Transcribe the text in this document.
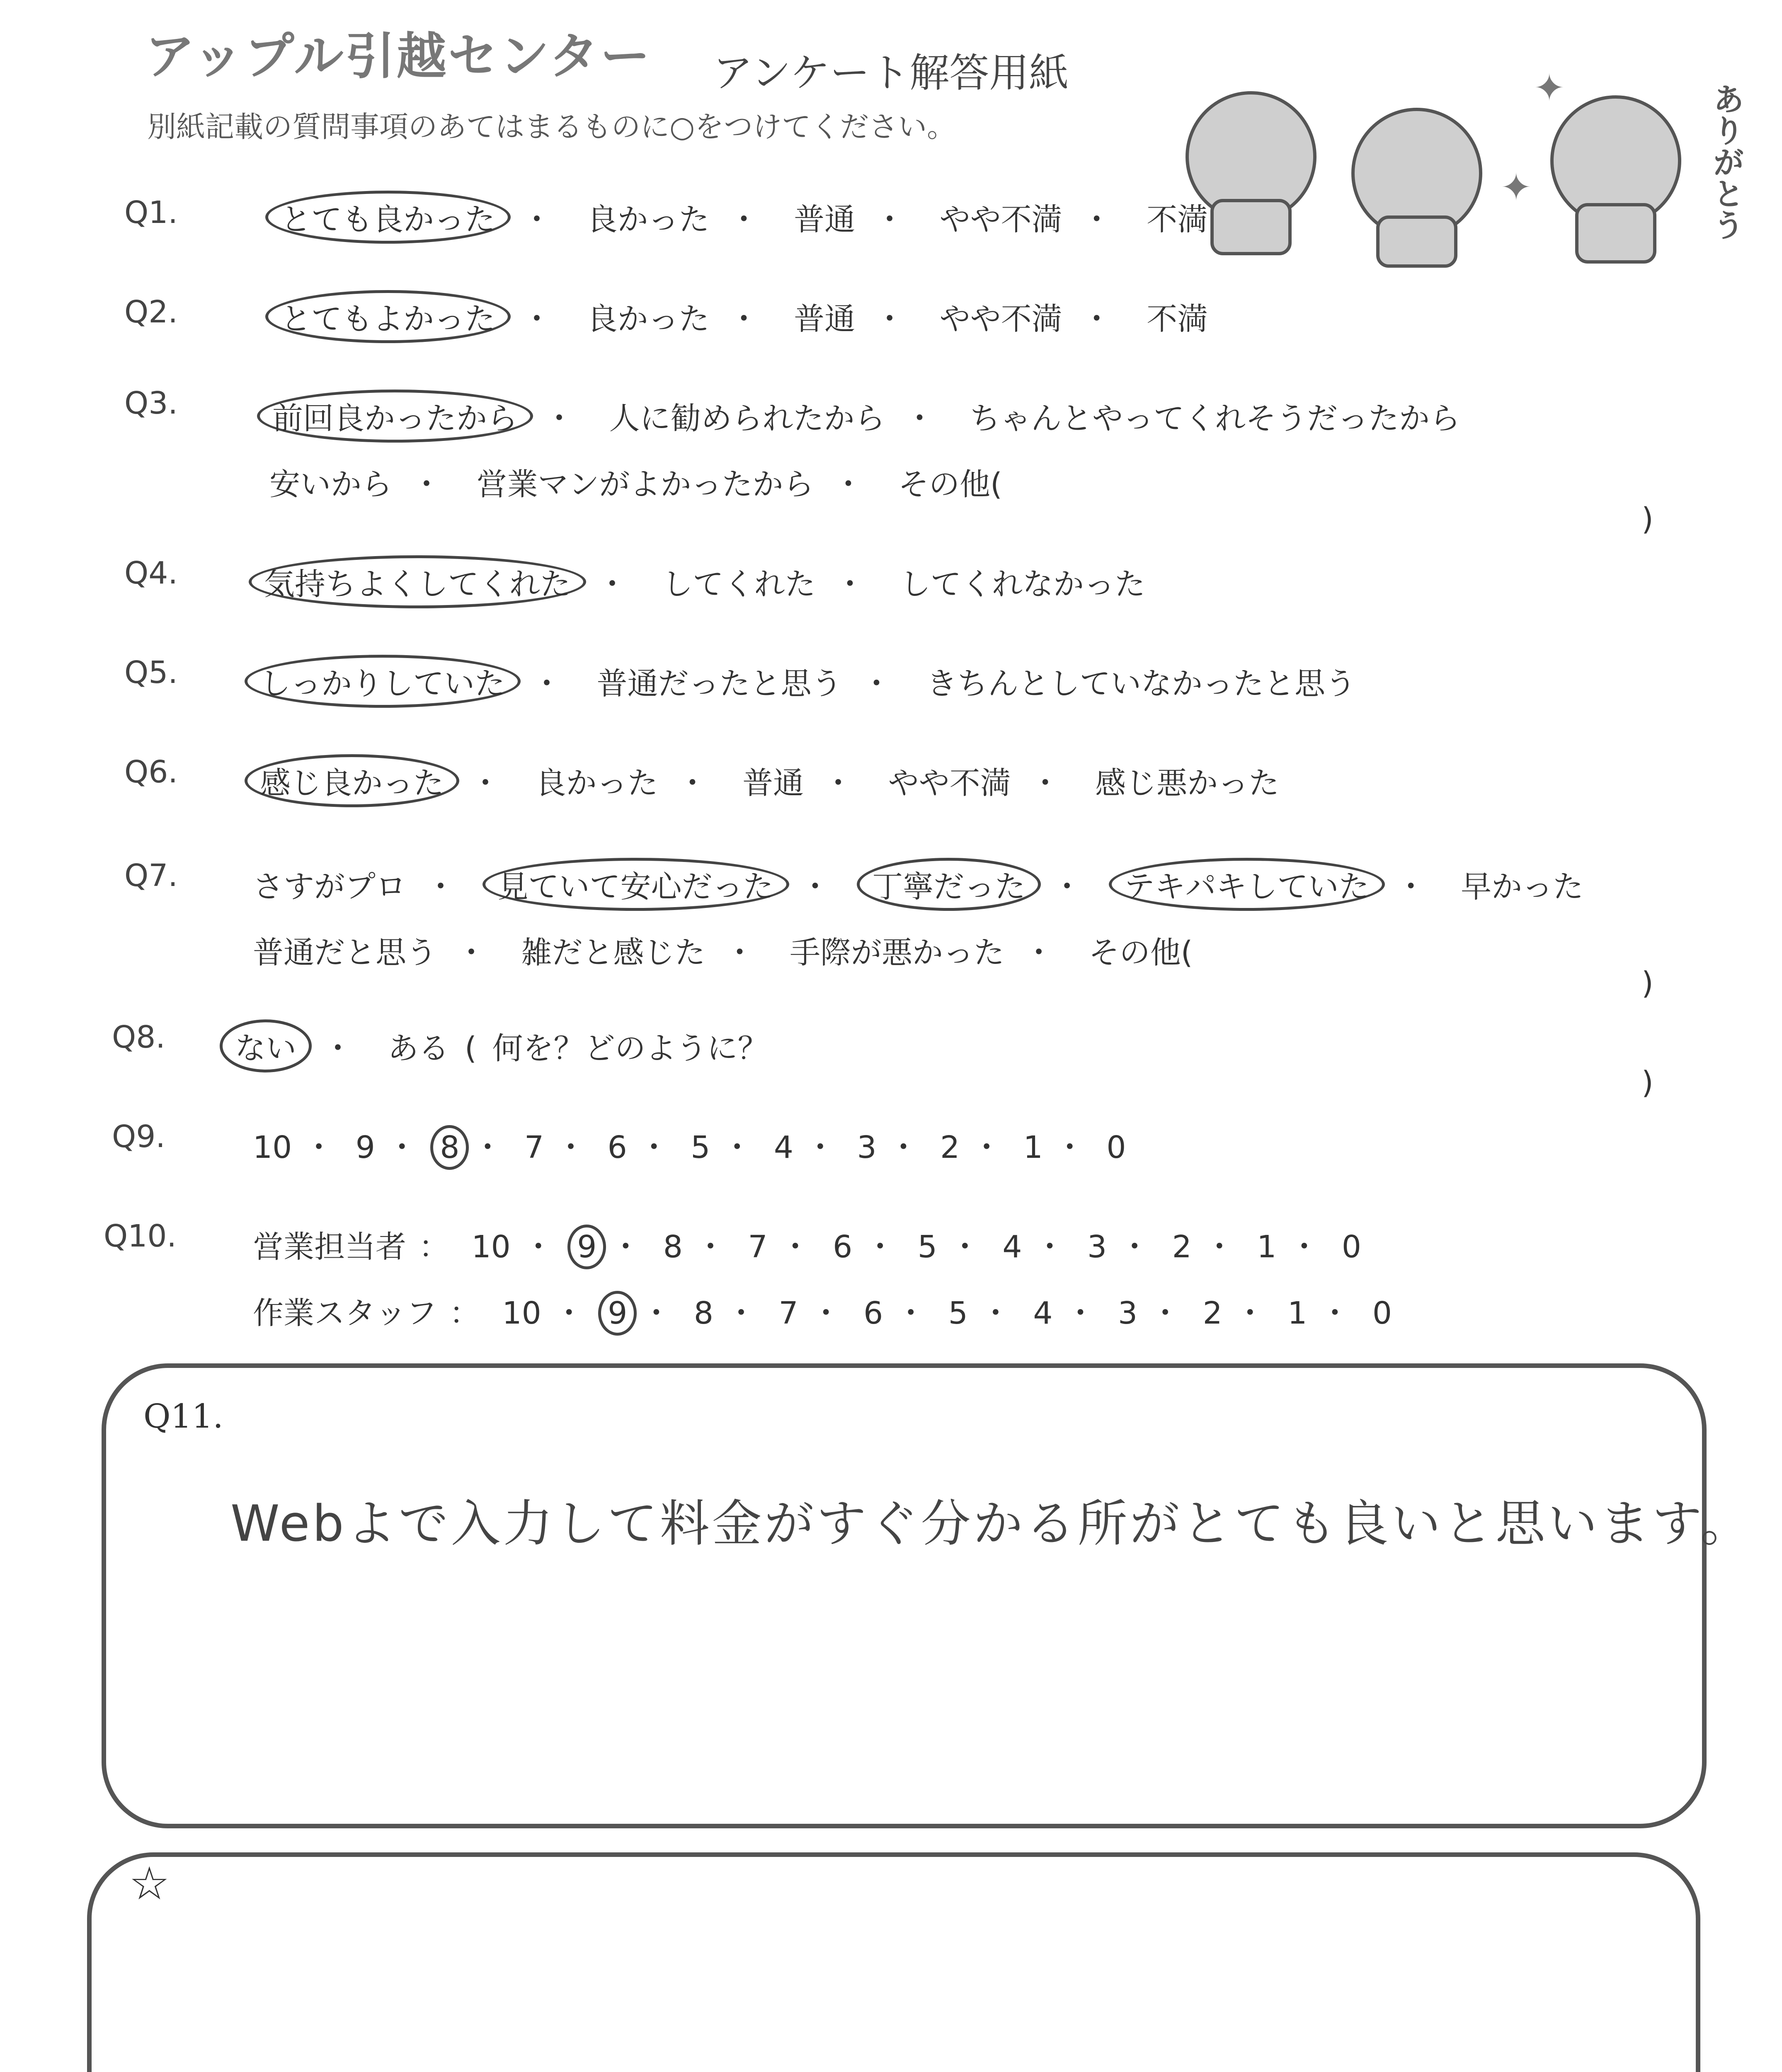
アップル引越センター アンケート解答用紙
別紙記載の質問事項のあてはまるものに○をつけてください。
✦
✦	ありがとう
Q1.	とても良かった ・ 良かった ・ 普通 ・ やや不満 ・ 不満
Q2.	とてもよかった ・ 良かった ・ 普通 ・ やや不満 ・ 不満
Q3.	前回良かったから ・ 人に勧められたから ・ ちゃんとやってくれそうだったから
安いから ・ 営業マンがよかったから ・ その他(
)
Q4.	気持ちよくしてくれた ・ してくれた ・ してくれなかった
Q5.	しっかりしていた ・ 普通だったと思う ・ きちんとしていなかったと思う
Q6.	感じ良かった ・ 良かった ・ 普通 ・ やや不満 ・ 感じ悪かった
Q7. さすがプロ ・ 見ていて安心だった ・ 丁寧だった ・ テキパキしていた ・ 早かった
普通だと思う ・ 雑だと感じた ・ 手際が悪かった ・ その他(
)
Q8.	ない ・ ある ( 何を？どのように？
)
Q9.	10 ・ 9 ・ 8 ・ 7 ・ 6 ・ 5 ・ 4 ・ 3 ・ 2 ・ 1 ・ 0
Q10. 営業担当者 ： 10 ・ 9 ・ 8 ・ 7 ・ 6 ・ 5 ・ 4 ・ 3 ・ 2 ・ 1 ・ 0
作業スタッフ ： 10 ・ 9 ・ 8 ・ 7 ・ 6 ・ 5 ・ 4 ・ 3 ・ 2 ・ 1 ・ 0
Q11.
Webよで入力して料金がすぐ分かる所がとても良いと思います。
☆
